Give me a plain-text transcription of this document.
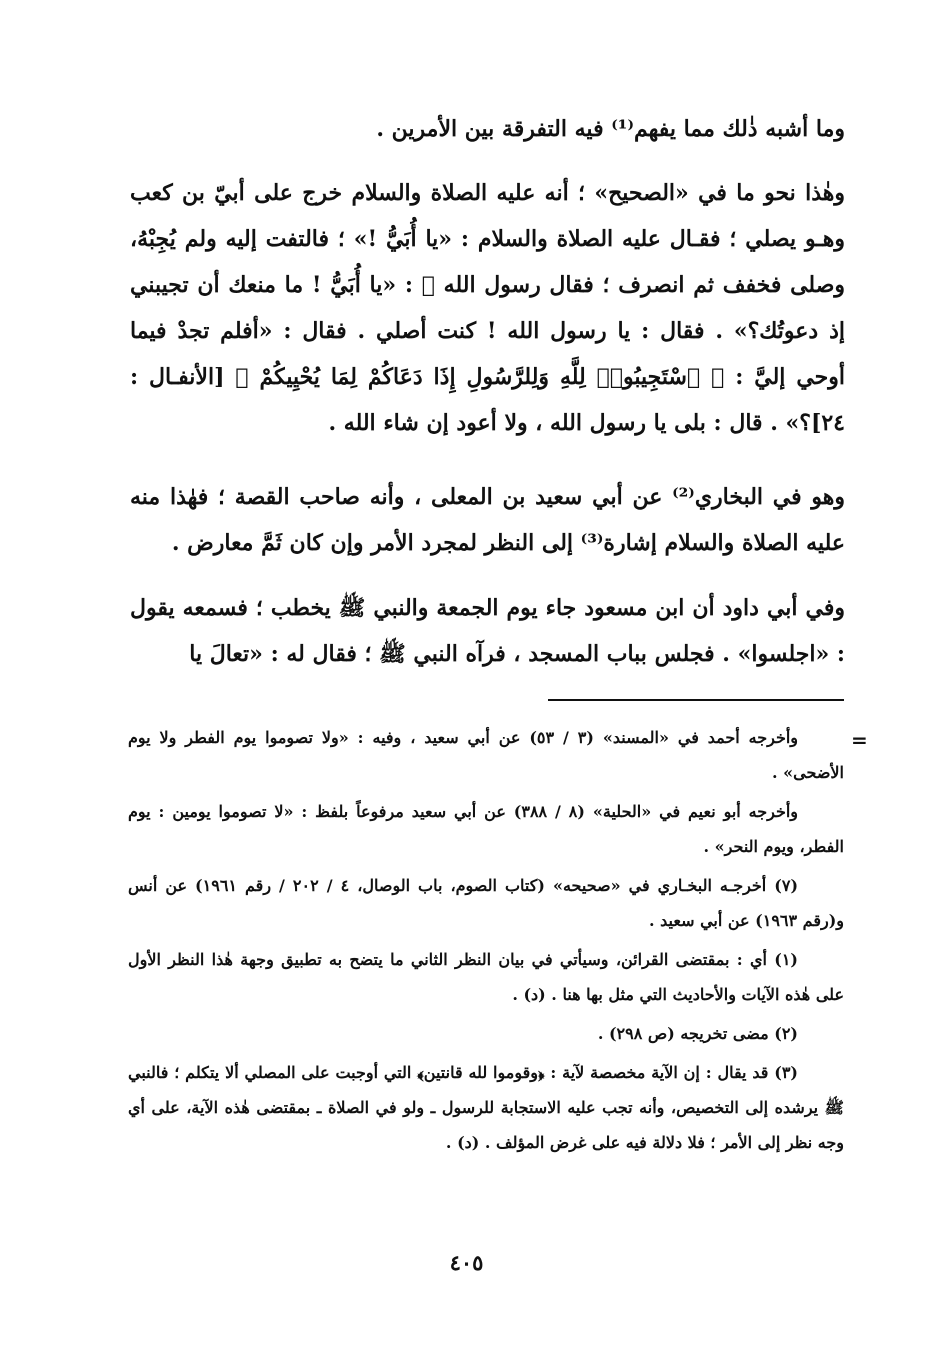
وما أشبه ذٰلك مما يفهم⁽¹⁾ فيه التفرقة بين الأمرين .

وهٰذا نحو ما في «الصحيح» ؛ أنه عليه الصلاة والسلام خرج على أبيّ بن كعب وهـو يصلي ؛ فقـال عليه الصلاة والسلام : «يا أُبَيُّ !» ؛ فالتفت إليه ولم يُجِبْهُ، وصلى فخفف ثم انصرف ؛ فقال رسول الله ﷺ : «يا أُبَيُّ ! ما منعك أن تجيبني إذ دعوتُك؟» . فقال : يا رسول الله ! كنت أصلي . فقال : «أفلم تجدْ فيما أوحي إليَّ : ﴿ ٱسْتَجِيبُوا۟ لِلَّهِ وَلِلرَّسُولِ إِذَا دَعَاكُمْ لِمَا يُحْيِيكُمْ ﴾ [الأنفـال : ٢٤]؟» . قال : بلى يا رسول الله ، ولا أعود إن شاء الله .

وهو في البخاري⁽²⁾ عن أبي سعيد بن المعلى ، وأنه صاحب القصة ؛ فهٰذا منه عليه الصلاة والسلام إشارة⁽³⁾ إلى النظر لمجرد الأمر وإن كان ثَمَّ معارض .

وفي أبي داود أن ابن مسعود جاء يوم الجمعة والنبي ﷺ يخطب ؛ فسمعه يقول : «اجلسوا» . فجلس بباب المسجد ، فرآه النبي ﷺ ؛ فقال له : «تعالَ يا

=

وأخرجه أحمد في «المسند» (٣ / ٥٣) عن أبي سعيد ، وفيه : «ولا تصوموا يوم الفطر ولا يوم الأضحى» .

وأخرجه أبو نعيم في «الحلية» (٨ / ٣٨٨) عن أبي سعيد مرفوعاً بلفظ : «لا تصوموا يومين : يوم الفطر، ويوم النحر» .

(٧) أخرجـه البخـاري في «صحيحه» (كتاب الصوم، باب الوصال، ٤ / ٢٠٢ / رقم ١٩٦١) عن أنس و(رقم ١٩٦٣) عن أبي سعيد .

(١) أي : بمقتضى القرائن، وسيأتي في بيان النظر الثاني ما يتضح به تطبيق وجهة هٰذا النظر الأول على هٰذه الآيات والأحاديث التي مثل بها هنا . (د) .

(٢) مضى تخريجه (ص ٢٩٨) .

(٣) قد يقال : إن الآية مخصصة لآية : ﴿وقوموا لله قانتين﴾ التي أوجبت على المصلي ألا يتكلم ؛ فالنبي ﷺ يرشده إلى التخصيص، وأنه تجب عليه الاستجابة للرسول ـ ولو في الصلاة ـ بمقتضى هٰذه الآية، على أي وجه نظر إلى الأمر ؛ فلا دلالة فيه على غرض المؤلف . (د) .

٤٠٥
